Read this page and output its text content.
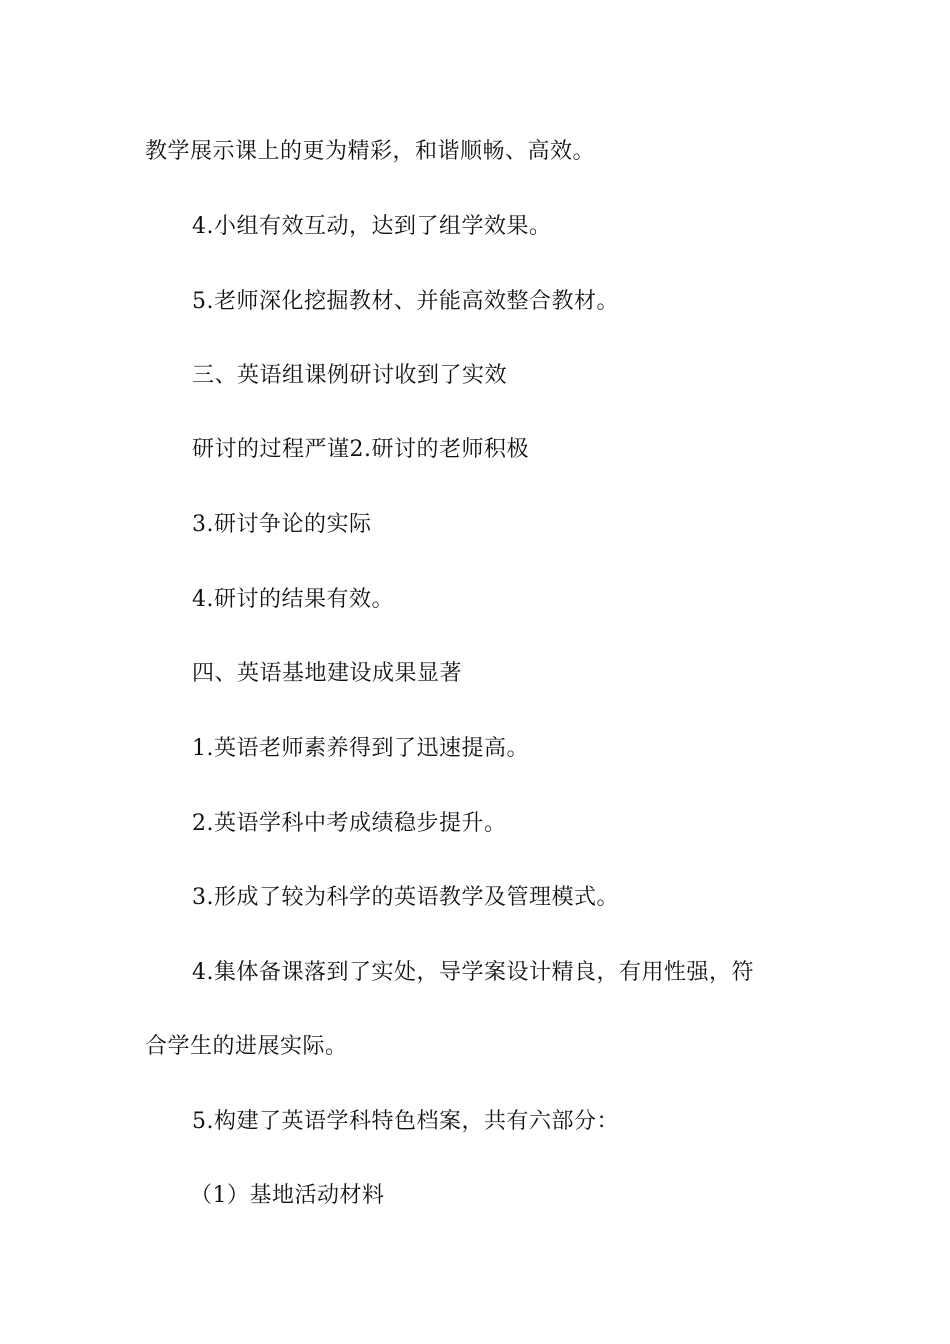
教学展示课上的更为精彩，和谐顺畅、高效。
4.小组有效互动，达到了组学效果。
5.老师深化挖掘教材、并能高效整合教材。
三、英语组课例研讨收到了实效
研讨的过程严谨2.研讨的老师积极
3.研讨争论的实际
4.研讨的结果有效。
四、英语基地建设成果显著
1.英语老师素养得到了迅速提高。
2.英语学科中考成绩稳步提升。
3.形成了较为科学的英语教学及管理模式。
4.集体备课落到了实处，导学案设计精良，有用性强，符
合学生的进展实际。
5.构建了英语学科特色档案，共有六部分：
（1）基地活动材料
